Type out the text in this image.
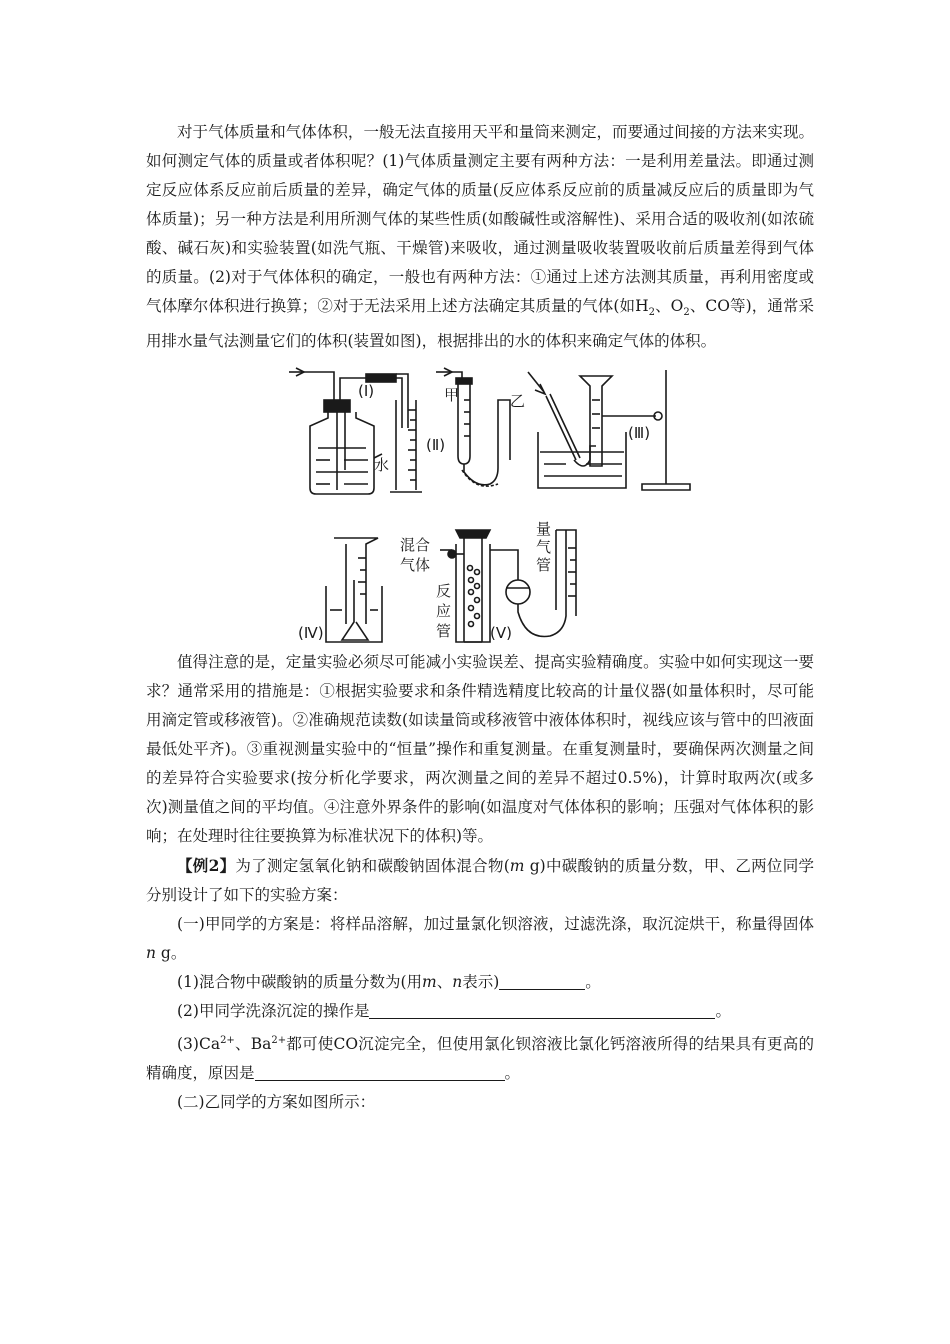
对于气体质量和气体体积，一般无法直接用天平和量筒来测定，而要通过间接的方法来实现。如何测定气体的质量或者体积呢？(1)气体质量测定主要有两种方法：一是利用差量法。即通过测定反应体系反应前后质量的差异，确定气体的质量(反应体系反应前的质量减反应后的质量即为气体质量)；另一种方法是利用所测气体的某些性质(如酸碱性或溶解性)、采用合适的吸收剂(如浓硫酸、碱石灰)和实验装置(如洗气瓶、干燥管)来吸收，通过测量吸收装置吸收前后质量差得到气体的质量。(2)对于气体体积的确定，一般也有两种方法：①通过上述方法测其质量，再利用密度或气体摩尔体积进行换算；②对于无法采用上述方法确定其质量的气体(如$H_2$、$O_2$、CO等)，通常采用排水量气法测量它们的体积(装置如图)，根据排出的水的体积来确定气体的体积。

(Ⅰ)
水
甲	乙
(Ⅱ)
(Ⅲ)
(Ⅳ)
混合
气体
反
应
管	(Ⅴ)
量
气
管

值得注意的是，定量实验必须尽可能减小实验误差、提高实验精确度。实验中如何实现这一要求？通常采用的措施是：①根据实验要求和条件精选精度比较高的计量仪器(如量体积时，尽可能用滴定管或移液管)。②准确规范读数(如读量筒或移液管中液体体积时，视线应该与管中的凹液面最低处平齐)。③重视测量实验中的“恒量”操作和重复测量。在重复测量时，要确保两次测量之间的差异符合实验要求(按分析化学要求，两次测量之间的差异不超过0.5%)，计算时取两次(或多次)测量值之间的平均值。④注意外界条件的影响(如温度对气体体积的影响；压强对气体体积的影响；在处理时往往要换算为标准状况下的体积)等。

【例2】为了测定氢氧化钠和碳酸钠固体混合物(m g)中碳酸钠的质量分数，甲、乙两位同学分别设计了如下的实验方案：

(一)甲同学的方案是：将样品溶解，加过量氯化钡溶液，过滤洗涤，取沉淀烘干，称量得固体n g。

(1)混合物中碳酸钠的质量分数为(用m、n表示)	。

(2)甲同学洗涤沉淀的操作是	。

$(3)Ca^{2+}$、$Ba^{2+}$都可使CO沉淀完全，但使用氯化钡溶液比氯化钙溶液所得的结果具有更高的精确度，原因是	。

(二)乙同学的方案如图所示：
